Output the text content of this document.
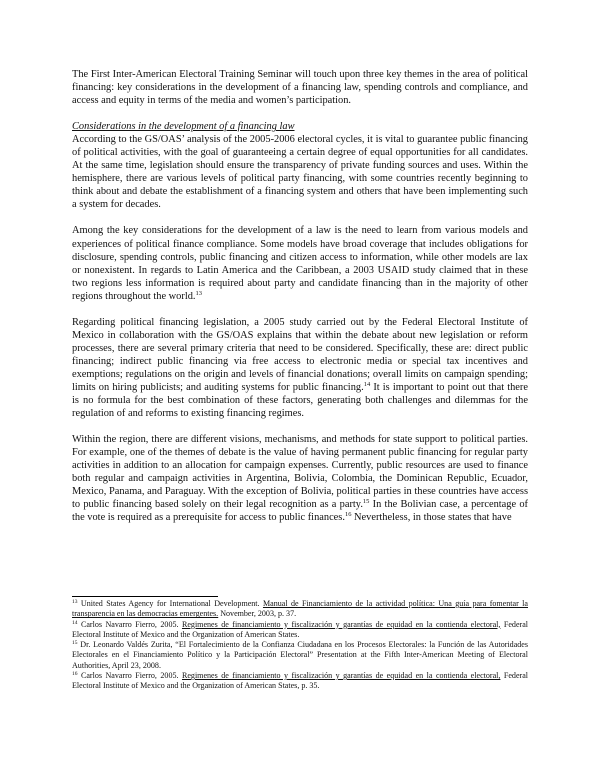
The First Inter-American Electoral Training Seminar will touch upon three key themes in the area of political financing: key considerations in the development of a financing law, spending controls and compliance, and access and equity in terms of the media and women’s participation.

Considerations in the development of a financing law

According to the GS/OAS’ analysis of the 2005-2006 electoral cycles, it is vital to guarantee public financing of political activities, with the goal of guaranteeing a certain degree of equal opportunities for all candidates. At the same time, legislation should ensure the transparency of private funding sources and uses. Within the hemisphere, there are various levels of political party financing, with some countries recently beginning to think about and debate the establishment of a financing system and others that have been implementing such a system for decades.

Among the key considerations for the development of a law is the need to learn from various models and experiences of political finance compliance. Some models have broad coverage that includes obligations for disclosure, spending controls, public financing and citizen access to information, while other models are lax or nonexistent. In regards to Latin America and the Caribbean, a 2003 USAID study claimed that in these two regions less information is required about party and candidate financing than in the majority of other regions throughout the world.$^{13}$

Regarding political financing legislation, a 2005 study carried out by the Federal Electoral Institute of Mexico in collaboration with the GS/OAS explains that within the debate about new legislation or reform processes, there are several primary criteria that need to be considered. Specifically, these are: direct public financing; indirect public financing via free access to electronic media or special tax incentives and exemptions; regulations on the origin and levels of financial donations; overall limits on campaign spending; limits on hiring publicists; and auditing systems for public financing.$^{14}$ It is important to point out that there is no formula for the best combination of these factors, generating both challenges and dilemmas for the regulation of and reforms to existing financing regimes.

Within the region, there are different visions, mechanisms, and methods for state support to political parties. For example, one of the themes of debate is the value of having permanent public financing for regular party activities in addition to an allocation for campaign expenses. Currently, public resources are used to finance both regular and campaign activities in Argentina, Bolivia, Colombia, the Dominican Republic, Ecuador, Mexico, Panama, and Paraguay. With the exception of Bolivia, political parties in these countries have access to public financing based solely on their legal recognition as a party.$^{15}$ In the Bolivian case, a percentage of the vote is required as a prerequisite for access to public finances.$^{16}$ Nevertheless, in those states that have

$^{13}$ United States Agency for International Development. Manual de Financiamiento de la actividad política: Una guía para fomentar la transparencia en las democracias emergentes. November, 2003, p. 37.

$^{14}$ Carlos Navarro Fierro, 2005. Regimenes de financiamiento y fiscalización y garantías de equidad en la contienda electoral, Federal Electoral Institute of Mexico and the Organization of American States.

$^{15}$ Dr. Leonardo Valdés Zurita, “El Fortalecimiento de la Confianza Ciudadana en los Procesos Electorales: la Función de las Autoridades Electorales en el Financiamiento Político y la Participación Electoral” Presentation at the Fifth Inter-American Meeting of Electoral Authorities, April 23, 2008.

$^{16}$ Carlos Navarro Fierro, 2005. Regimenes de financiamiento y fiscalización y garantías de equidad en la contienda electoral, Federal Electoral Institute of Mexico and the Organization of American States, p. 35.
